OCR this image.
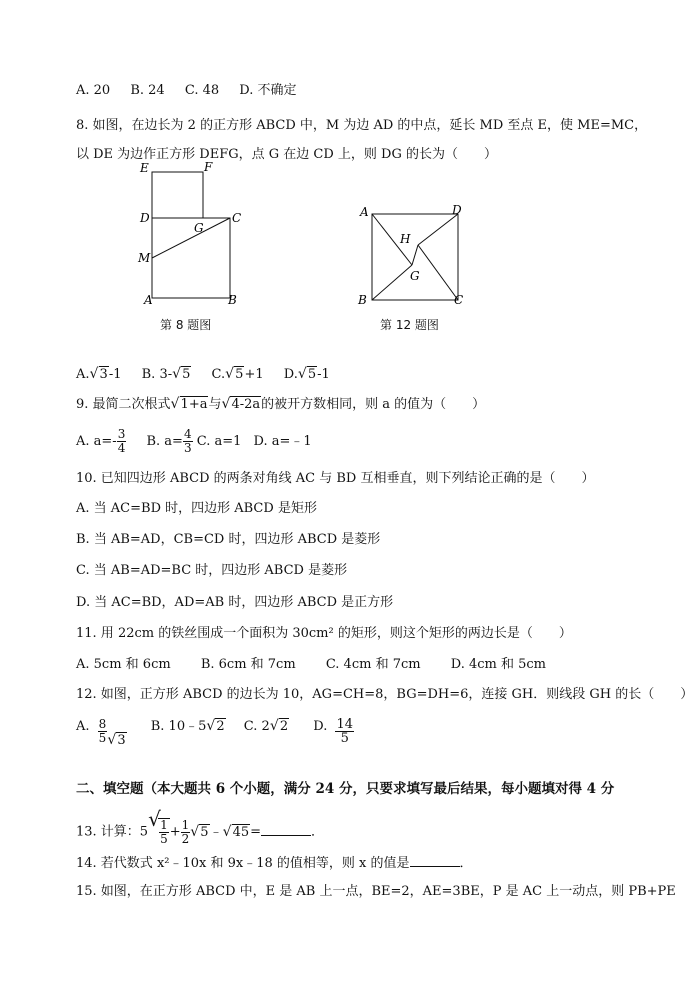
A. 20 B. 24 C. 48 D. 不确定
8. 如图，在边长为 2 的正方形 ABCD 中，M 为边 AD 的中点，延长 MD 至点 E，使 ME=MC，
以 DE 为边作正方形 DEFG，点 G 在边 CD 上，则 DG 的长为（　　）
E	F
D	C
G
M
A	B
第 8 题图
A	D
H
G
B	C
第 12 题图
A. √ 3-1 B. 3- √ 5 C. √ 5+1 D. √ 5-1
9. 最简二次根式 √ 1+a与 √ 4-2a的被开方数相同，则 a 的值为（　　）
A. $a=- \frac{3}{4} B$. $a= \frac{4}{3} C$. a=1 D. a=﹣1
10. 已知四边形 ABCD 的两条对角线 AC 与 BD 互相垂直，则下列结论正确的是（　　）
A. 当 AC=BD 时，四边形 ABCD 是矩形
B. 当 AB=AD，CB=CD 时，四边形 ABCD 是菱形
C. 当 AB=AD=BC 时，四边形 ABCD 是菱形
D. 当 AC=BD，AD=AB 时，四边形 ABCD 是正方形
11. 用 22cm 的铁丝围成一个面积为 30cm² 的矩形，则这个矩形的两边长是（　　）
A. 5cm 和 6cm B. 6cm 和 7cm C. 4cm 和 7cm D. 4cm 和 5cm
12. 如图，正方形 ABCD 的边长为 10，AG=CH=8，BG=DH=6，连接 GH．则线段 GH 的长（　　）
A. $\frac{8}{5}$ √ 3 B. 10﹣5 √ 2 C. 2 √ 2 D. $\frac{14}{5}$
二、填空题（本大题共 6 个小题，满分 24 分，只要求填写最后结果，每小题填对得 4 分
13. 计算：5
√
$\frac{1}{5} + \frac{1}{2}$ √ 5﹣ √ 45=	．
14. 若代数式 x²﹣10x 和 9x﹣18 的值相等，则 x 的值是	．
15. 如图，在正方形 ABCD 中，E 是 AB 上一点，BE=2，AE=3BE，P 是 AC 上一动点，则 PB+PE
